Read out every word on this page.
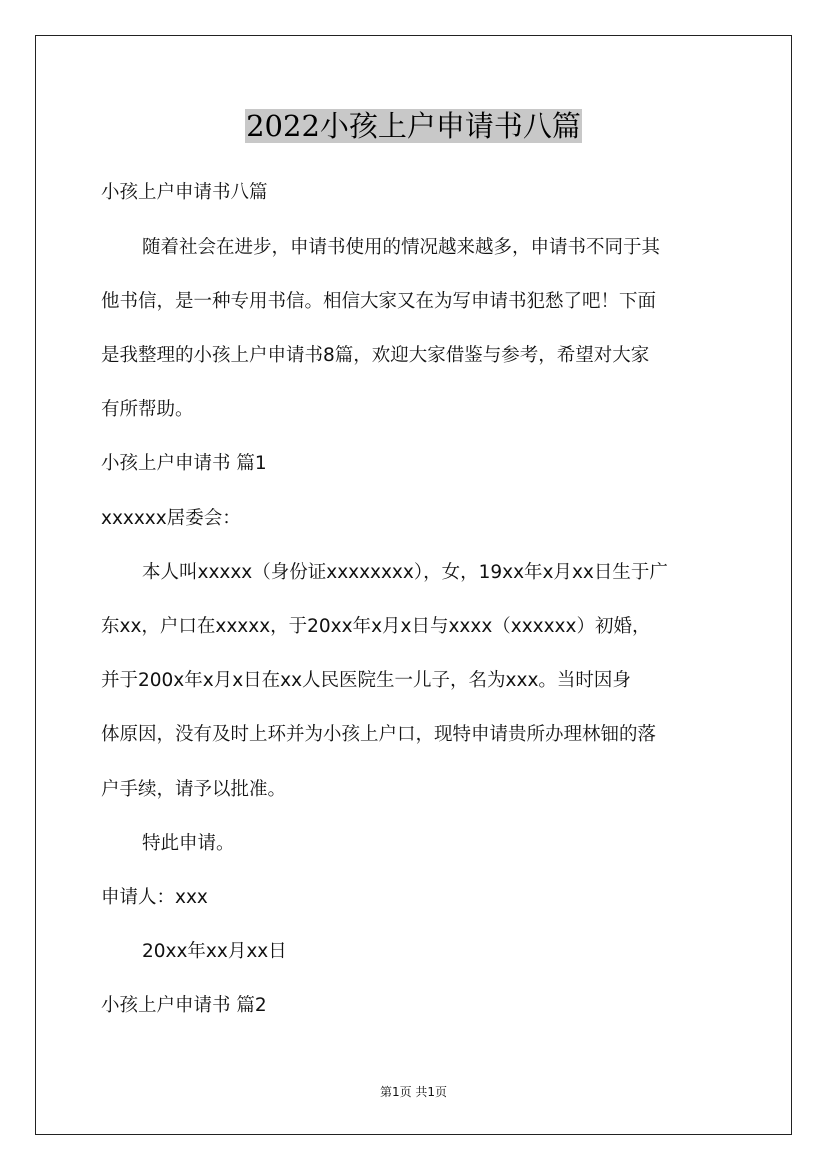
2022小孩上户申请书八篇
小孩上户申请书八篇
随着社会在进步，申请书使用的情况越来越多，申请书不同于其
他书信，是一种专用书信。相信大家又在为写申请书犯愁了吧！下面
是我整理的小孩上户申请书8篇，欢迎大家借鉴与参考，希望对大家
有所帮助。
小孩上户申请书 篇1
xxxxxx居委会：
本人叫xxxxx（身份证xxxxxxxx），女，19xx年x月xx日生于广
东xx，户口在xxxxx，于20xx年x月x日与xxxx（xxxxxx）初婚，
并于200x年x月x日在xx人民医院生一儿子，名为xxx。当时因身
体原因，没有及时上环并为小孩上户口，现特申请贵所办理林钿的落
户手续，请予以批准。
特此申请。
申请人：xxx
20xx年xx月xx日
小孩上户申请书 篇2
第1页 共1页
